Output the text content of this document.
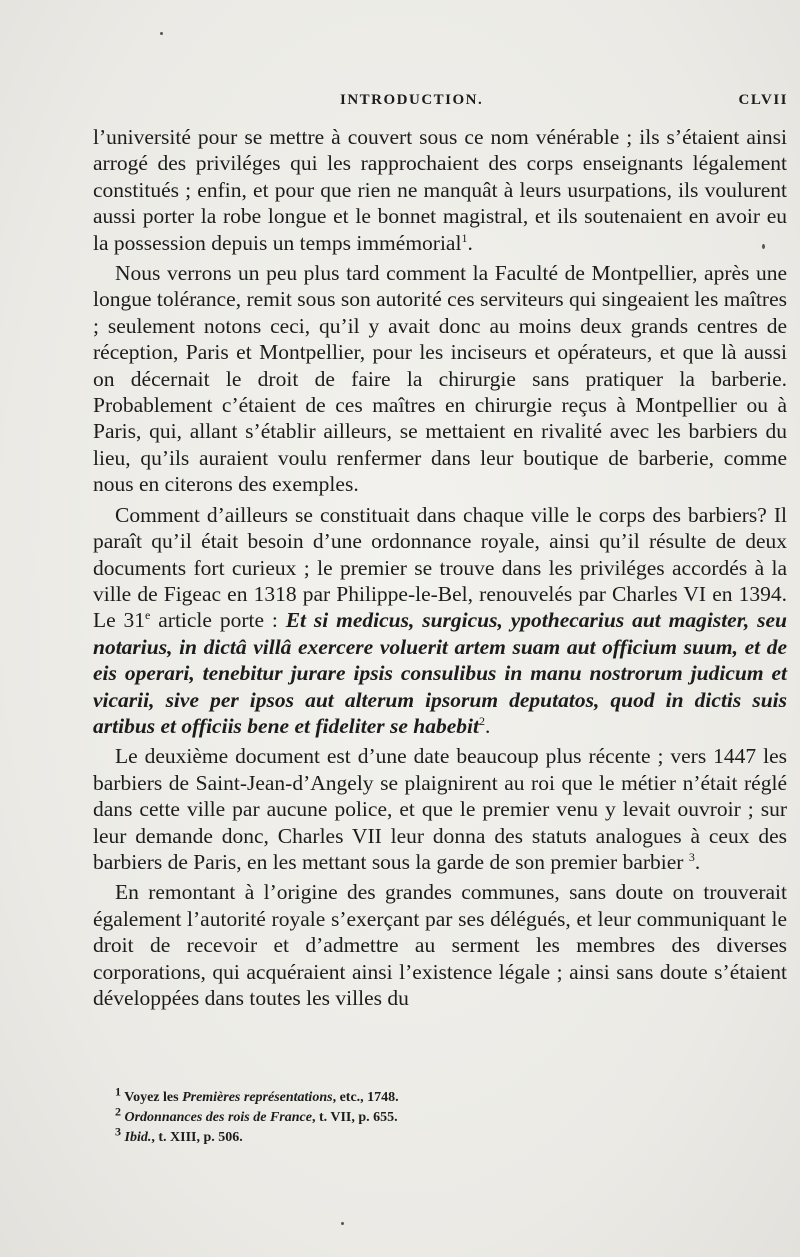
INTRODUCTION.	CLVII

l’université pour se mettre à couvert sous ce nom vénérable ; ils s’étaient ainsi arrogé des priviléges qui les rapprochaient des corps enseignants légalement constitués ; enfin, et pour que rien ne manquât à leurs usurpations, ils voulurent aussi porter la robe longue et le bonnet magistral, et ils soutenaient en avoir eu la possession depuis un temps immémorial$^1$.

Nous verrons un peu plus tard comment la Faculté de Montpellier, après une longue tolérance, remit sous son autorité ces serviteurs qui singeaient les maîtres ; seulement notons ceci, qu’il y avait donc au moins deux grands centres de réception, Paris et Montpellier, pour les inciseurs et opérateurs, et que là aussi on décernait le droit de faire la chirurgie sans pratiquer la barberie. Probablement c’étaient de ces maîtres en chirurgie reçus à Montpellier ou à Paris, qui, allant s’établir ailleurs, se mettaient en rivalité avec les barbiers du lieu, qu’ils auraient voulu renfermer dans leur boutique de barberie, comme nous en citerons des exemples.

Comment d’ailleurs se constituait dans chaque ville le corps des barbiers? Il paraît qu’il était besoin d’une ordonnance royale, ainsi qu’il résulte de deux documents fort curieux ; le premier se trouve dans les priviléges accordés à la ville de Figeac en 1318 par Philippe-le-Bel, renouvelés par Charles VI en 1394. Le 31e article porte : Et si medicus, surgicus, ypothecarius aut magister, seu notarius, in dictâ villâ exercere voluerit artem suam aut officium suum, et de eis operari, tenebitur jurare ipsis consulibus in manu nostrorum judicum et vicarii, sive per ipsos aut alterum ipsorum deputatos, quod in dictis suis artibus et officiis bene et fideliter se habebit$^2$.

Le deuxième document est d’une date beaucoup plus récente ; vers 1447 les barbiers de Saint-Jean-d’Angely se plaignirent au roi que le métier n’était réglé dans cette ville par aucune police, et que le premier venu y levait ouvroir ; sur leur demande donc, Charles VII leur donna des statuts analogues à ceux des barbiers de Paris, en les mettant sous la garde de son premier barbier $^3$.

En remontant à l’origine des grandes communes, sans doute on trouverait également l’autorité royale s’exerçant par ses délégués, et leur communiquant le droit de recevoir et d’admettre au serment les membres des diverses corporations, qui acquéraient ainsi l’existence légale ; ainsi sans doute s’étaient développées dans toutes les villes du

$^1$ Voyez les Premières représentations, etc., 1748.
$^2$ Ordonnances des rois de France, t. VII, p. 655.
$^3$ Ibid., t. XIII, p. 506.
